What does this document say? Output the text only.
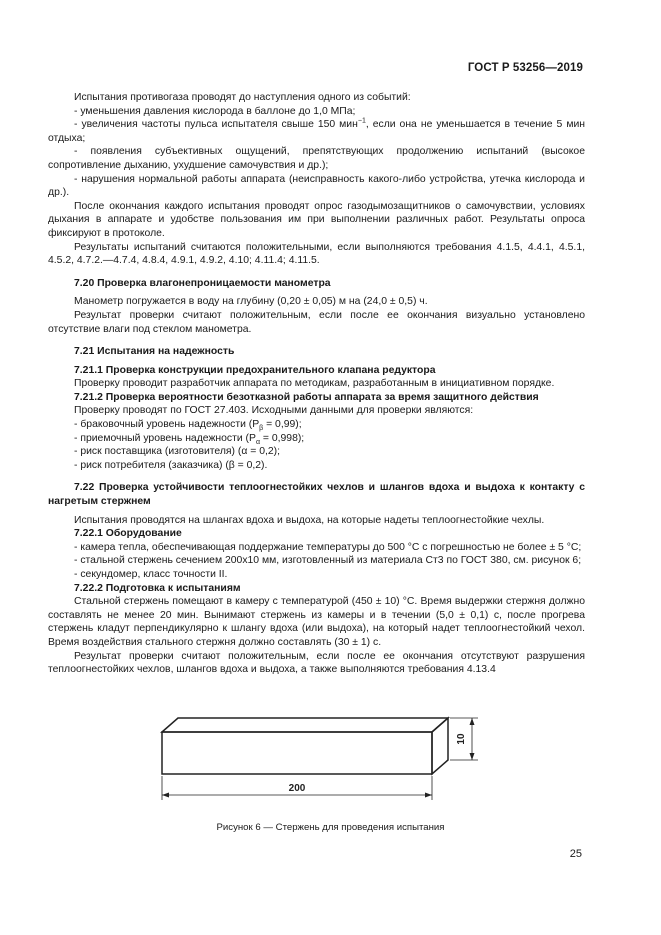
ГОСТ Р 53256—2019

Испытания противогаза проводят до наступления одного из событий:

- уменьшения давления кислорода в баллоне до 1,0 МПа;

- увеличения частоты пульса испытателя свыше 150 мин$^{-1}$, если она не уменьшается в течение 5 мин отдыха;

- появления субъективных ощущений, препятствующих продолжению испытаний (высокое сопротивление дыханию, ухудшение самочувствия и др.);

- нарушения нормальной работы аппарата (неисправность какого-либо устройства, утечка кислорода и др.).

После окончания каждого испытания проводят опрос газодымозащитников о самочувствии, условиях дыхания в аппарате и удобстве пользования им при выполнении различных работ. Результаты опроса фиксируют в протоколе.

Результаты испытаний считаются положительными, если выполняются требования 4.1.5, 4.4.1, 4.5.1, 4.5.2, 4.7.2.—4.7.4, 4.8.4, 4.9.1, 4.9.2, 4.10; 4.11.4; 4.11.5.

7.20 Проверка влагонепроницаемости манометра

Манометр погружается в воду на глубину (0,20 ± 0,05) м на (24,0 ± 0,5) ч.

Результат проверки считают положительным, если после ее окончания визуально установлено отсутствие влаги под стеклом манометра.

7.21 Испытания на надежность

7.21.1 Проверка конструкции предохранительного клапана редуктора

Проверку проводит разработчик аппарата по методикам, разработанным в инициативном порядке.

7.21.2 Проверка вероятности безотказной работы аппарата за время защитного действия

Проверку проводят по ГОСТ 27.403. Исходными данными для проверки являются:

- браковочный уровень надежности $(P_\beta = 0,99)$;

- приемочный уровень надежности $(P_\alpha = 0,998)$;

- риск поставщика (изготовителя) (α = 0,2);

- риск потребителя (заказчика) (β = 0,2).

7.22 Проверка устойчивости теплоогнестойких чехлов и шлангов вдоха и выдоха к контакту с нагретым стержнем

Испытания проводятся на шлангах вдоха и выдоха, на которые надеты теплоогнестойкие чехлы.

7.22.1 Оборудование

- камера тепла, обеспечивающая поддержание температуры до 500 °С с погрешностью не более ± 5 °С;

- стальной стержень сечением 200x10 мм, изготовленный из материала Ст3 по ГОСТ 380, см. рисунок 6;

- секундомер, класс точности II.

7.22.2 Подготовка к испытаниям

Стальной стержень помещают в камеру с температурой (450 ± 10) °С. Время выдержки стержня должно составлять не менее 20 мин. Вынимают стержень из камеры и в течении (5,0 ± 0,1) с, после прогрева стержень кладут перпендикулярно к шлангу вдоха (или выдоха), на который надет теплоогнестойкий чехол. Время воздействия стального стержня должно составлять (30 ± 1) с.

Результат проверки считают положительным, если после ее окончания отсутствуют разрушения теплоогнестойких чехлов, шлангов вдоха и выдоха, а также выполняются требования 4.13.4

10
200
Рисунок 6 — Стержень для проведения испытания
25
